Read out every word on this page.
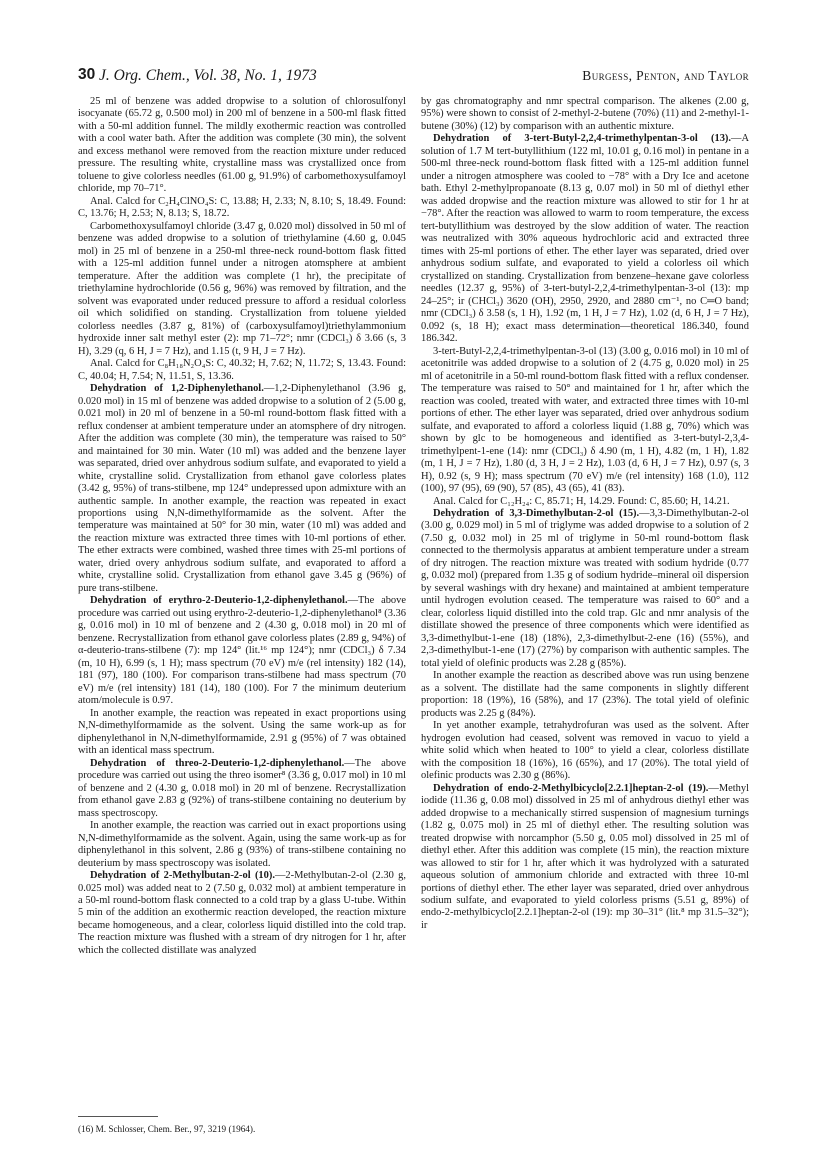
30 J. Org. Chem., Vol. 38, No. 1, 1973	Burgess, Penton, and Taylor

25 ml of benzene was added dropwise to a solution of chlorosulfonyl isocyanate (65.72 g, 0.500 mol) in 200 ml of benzene in a 500-ml flask fitted with a 50-ml addition funnel. The mildly exothermic reaction was controlled with a cool water bath. After the addition was complete (30 min), the solvent and excess methanol were removed from the reaction mixture under reduced pressure. The resulting white, crystalline mass was crystallized once from toluene to give colorless needles (61.00 g, 91.9%) of carbomethoxysulfamoyl chloride, mp 70–71°.

Anal. Calcd for C₂H₄ClNO₄S: C, 13.88; H, 2.33; N, 8.10; S, 18.49. Found: C, 13.76; H, 2.53; N, 8.13; S, 18.72.

Carbomethoxysulfamoyl chloride (3.47 g, 0.020 mol) dissolved in 50 ml of benzene was added dropwise to a solution of triethylamine (4.60 g, 0.045 mol) in 25 ml of benzene in a 250-ml three-neck round-bottom flask fitted with a 125-ml addition funnel under a nitrogen atomsphere at ambient temperature. After the addition was complete (1 hr), the precipitate of triethylamine hydrochloride (0.56 g, 96%) was removed by filtration, and the solvent was evaporated under reduced pressure to afford a residual colorless oil which solidified on standing. Crystallization from toluene yielded colorless needles (3.87 g, 81%) of (carboxysulfamoyl)triethylammonium hydroxide inner salt methyl ester (2): mp 71–72°; nmr (CDCl₃) δ 3.66 (s, 3 H), 3.29 (q, 6 H, J = 7 Hz), and 1.15 (t, 9 H, J = 7 Hz).

Anal. Calcd for C₈H₁₈N₂O₄S: C, 40.32; H, 7.62; N, 11.72; S, 13.43. Found: C, 40.04; H, 7.54; N, 11.51, S, 13.36.

Dehydration of 1,2-Diphenylethanol.—1,2-Diphenylethanol (3.96 g, 0.020 mol) in 15 ml of benzene was added dropwise to a solution of 2 (5.00 g, 0.021 mol) in 20 ml of benzene in a 50-ml round-bottom flask fitted with a reflux condenser at ambient temperature under an atomsphere of dry nitrogen. After the addition was complete (30 min), the temperature was raised to 50° and maintained for 30 min. Water (10 ml) was added and the benzene layer was separated, dried over anhydrous sodium sulfate, and evaporated to yield a white, crystalline solid. Crystallization from ethanol gave colorless plates (3.42 g, 95%) of trans-stilbene, mp 124° undepressed upon admixture with an authentic sample. In another example, the reaction was repeated in exact proportions using N,N-dimethylformamide as the solvent. After the temperature was maintained at 50° for 30 min, water (10 ml) was added and the reaction mixture was extracted three times with 10-ml portions of ether. The ether extracts were combined, washed three times with 25-ml portions of water, dried overy anhydrous sodium sulfate, and evaporated to afford a white, crystalline solid. Crystallization from ethanol gave 3.45 g (96%) of pure trans-stilbene.

Dehydration of erythro-2-Deuterio-1,2-diphenylethanol.—The above procedure was carried out using erythro-2-deuterio-1,2-diphenylethanol⁸ (3.36 g, 0.016 mol) in 10 ml of benzene and 2 (4.30 g, 0.018 mol) in 20 ml of benzene. Recrystallization from ethanol gave colorless plates (2.89 g, 94%) of α-deuterio-trans-stilbene (7): mp 124° (lit.¹⁶ mp 124°); nmr (CDCl₃) δ 7.34 (m, 10 H), 6.99 (s, 1 H); mass spectrum (70 eV) m/e (rel intensity) 182 (14), 181 (97), 180 (100). For comparison trans-stilbene had mass spectrum (70 eV) m/e (rel intensity) 181 (14), 180 (100). For 7 the minimum deuterium atom/molecule is 0.97.

In another example, the reaction was repeated in exact proportions using N,N-dimethylformamide as the solvent. Using the same work-up as for diphenylethanol in N,N-dimethylformamide, 2.91 g (95%) of 7 was obtained with an identical mass spectrum.

Dehydration of threo-2-Deuterio-1,2-diphenylethanol.—The above procedure was carried out using the threo isomer⁸ (3.36 g, 0.017 mol) in 10 ml of benzene and 2 (4.30 g, 0.018 mol) in 20 ml of benzene. Recrystallization from ethanol gave 2.83 g (92%) of trans-stilbene containing no deuterium by mass spectroscopy.

In another example, the reaction was carried out in exact proportions using N,N-dimethylformamide as the solvent. Again, using the same work-up as for diphenylethanol in this solvent, 2.86 g (93%) of trans-stilbene containing no deuterium by mass spectroscopy was isolated.

Dehydration of 2-Methylbutan-2-ol (10).—2-Methylbutan-2-ol (2.30 g, 0.025 mol) was added neat to 2 (7.50 g, 0.032 mol) at ambient temperature in a 50-ml round-bottom flask connected to a cold trap by a glass U-tube. Within 5 min of the addition an exothermic reaction developed, the reaction mixture became homogeneous, and a clear, colorless liquid distilled into the cold trap. The reaction mixture was flushed with a stream of dry nitrogen for 1 hr, after which the collected distillate was analyzed

by gas chromatography and nmr spectral comparison. The alkenes (2.00 g, 95%) were shown to consist of 2-methyl-2-butene (70%) (11) and 2-methyl-1-butene (30%) (12) by comparison with an authentic mixture.

Dehydration of 3-tert-Butyl-2,2,4-trimethylpentan-3-ol (13).—A solution of 1.7 M tert-butyllithium (122 ml, 10.01 g, 0.16 mol) in pentane in a 500-ml three-neck round-bottom flask fitted with a 125-ml addition funnel under a nitrogen atmosphere was cooled to −78° with a Dry Ice and acetone bath. Ethyl 2-methylpropanoate (8.13 g, 0.07 mol) in 50 ml of diethyl ether was added dropwise and the reaction mixture was allowed to stir for 1 hr at −78°. After the reaction was allowed to warm to room temperature, the excess tert-butyllithium was destroyed by the slow addition of water. The reaction was neutralized with 30% aqueous hydrochloric acid and extracted three times with 25-ml portions of ether. The ether layer was separated, dried over anhydrous sodium sulfate, and evaporated to yield a colorless oil which crystallized on standing. Crystallization from benzene–hexane gave colorless needles (12.37 g, 95%) of 3-tert-butyl-2,2,4-trimethylpentan-3-ol (13): mp 24–25°; ir (CHCl₃) 3620 (OH), 2950, 2920, and 2880 cm⁻¹, no C═O band; nmr (CDCl₃) δ 3.58 (s, 1 H), 1.92 (m, 1 H, J = 7 Hz), 1.02 (d, 6 H, J = 7 Hz), 0.092 (s, 18 H); exact mass determination—theoretical 186.340, found 186.342.

3-tert-Butyl-2,2,4-trimethylpentan-3-ol (13) (3.00 g, 0.016 mol) in 10 ml of acetonitrile was added dropwise to a solution of 2 (4.75 g, 0.020 mol) in 25 ml of acetonitrile in a 50-ml round-bottom flask fitted with a reflux condenser. The temperature was raised to 50° and maintained for 1 hr, after which the reaction was cooled, treated with water, and extracted three times with 10-ml portions of ether. The ether layer was separated, dried over anhydrous sodium sulfate, and evaporated to afford a colorless liquid (1.88 g, 70%) which was shown by glc to be homogeneous and identified as 3-tert-butyl-2,3,4-trimethylpent-1-ene (14): nmr (CDCl₃) δ 4.90 (m, 1 H), 4.82 (m, 1 H), 1.82 (m, 1 H, J = 7 Hz), 1.80 (d, 3 H, J = 2 Hz), 1.03 (d, 6 H, J = 7 Hz), 0.97 (s, 3 H), 0.92 (s, 9 H); mass spectrum (70 eV) m/e (rel intensity) 168 (1.0), 112 (100), 97 (95), 69 (90), 57 (85), 43 (65), 41 (83).

Anal. Calcd for C₁₂H₂₄: C, 85.71; H, 14.29. Found: C, 85.60; H, 14.21.

Dehydration of 3,3-Dimethylbutan-2-ol (15).—3,3-Dimethylbutan-2-ol (3.00 g, 0.029 mol) in 5 ml of triglyme was added dropwise to a solution of 2 (7.50 g, 0.032 mol) in 25 ml of triglyme in 50-ml round-bottom flask connected to the thermolysis apparatus at ambient temperature under a stream of dry nitrogen. The reaction mixture was treated with sodium hydride (0.77 g, 0.032 mol) (prepared from 1.35 g of sodium hydride–mineral oil dispersion by several washings with dry hexane) and maintained at ambient temperature until hydrogen evolution ceased. The temperature was raised to 60° and a clear, colorless liquid distilled into the cold trap. Glc and nmr analysis of the distillate showed the presence of three components which were identified as 3,3-dimethylbut-1-ene (18) (18%), 2,3-dimethylbut-2-ene (16) (55%), and 2,3-dimethylbut-1-ene (17) (27%) by comparison with authentic samples. The total yield of olefinic products was 2.28 g (85%).

In another example the reaction as described above was run using benzene as a solvent. The distillate had the same components in slightly different proportion: 18 (19%), 16 (58%), and 17 (23%). The total yield of olefinic products was 2.25 g (84%).

In yet another example, tetrahydrofuran was used as the solvent. After hydrogen evolution had ceased, solvent was removed in vacuo to yield a white solid which when heated to 100° to yield a clear, colorless distillate with the composition 18 (16%), 16 (65%), and 17 (20%). The total yield of olefinic products was 2.30 g (86%).

Dehydration of endo-2-Methylbicyclo[2.2.1]heptan-2-ol (19).—Methyl iodide (11.36 g, 0.08 mol) dissolved in 25 ml of anhydrous diethyl ether was added dropwise to a mechanically stirred suspension of magnesium turnings (1.82 g, 0.075 mol) in 25 ml of diethyl ether. The resulting solution was treated dropwise with norcamphor (5.50 g, 0.05 mol) dissolved in 25 ml of diethyl ether. After this addition was complete (15 min), the reaction mixture was allowed to stir for 1 hr, after which it was hydrolyzed with a saturated aqueous solution of ammonium chloride and extracted with three 10-ml portions of diethyl ether. The ether layer was separated, dried over anhydrous sodium sulfate, and evaporated to yield colorless prisms (5.51 g, 89%) of endo-2-methylbicyclo[2.2.1]heptan-2-ol (19): mp 30–31° (lit.⁸ mp 31.5–32°); ir

(16) M. Schlosser, Chem. Ber., 97, 3219 (1964).
